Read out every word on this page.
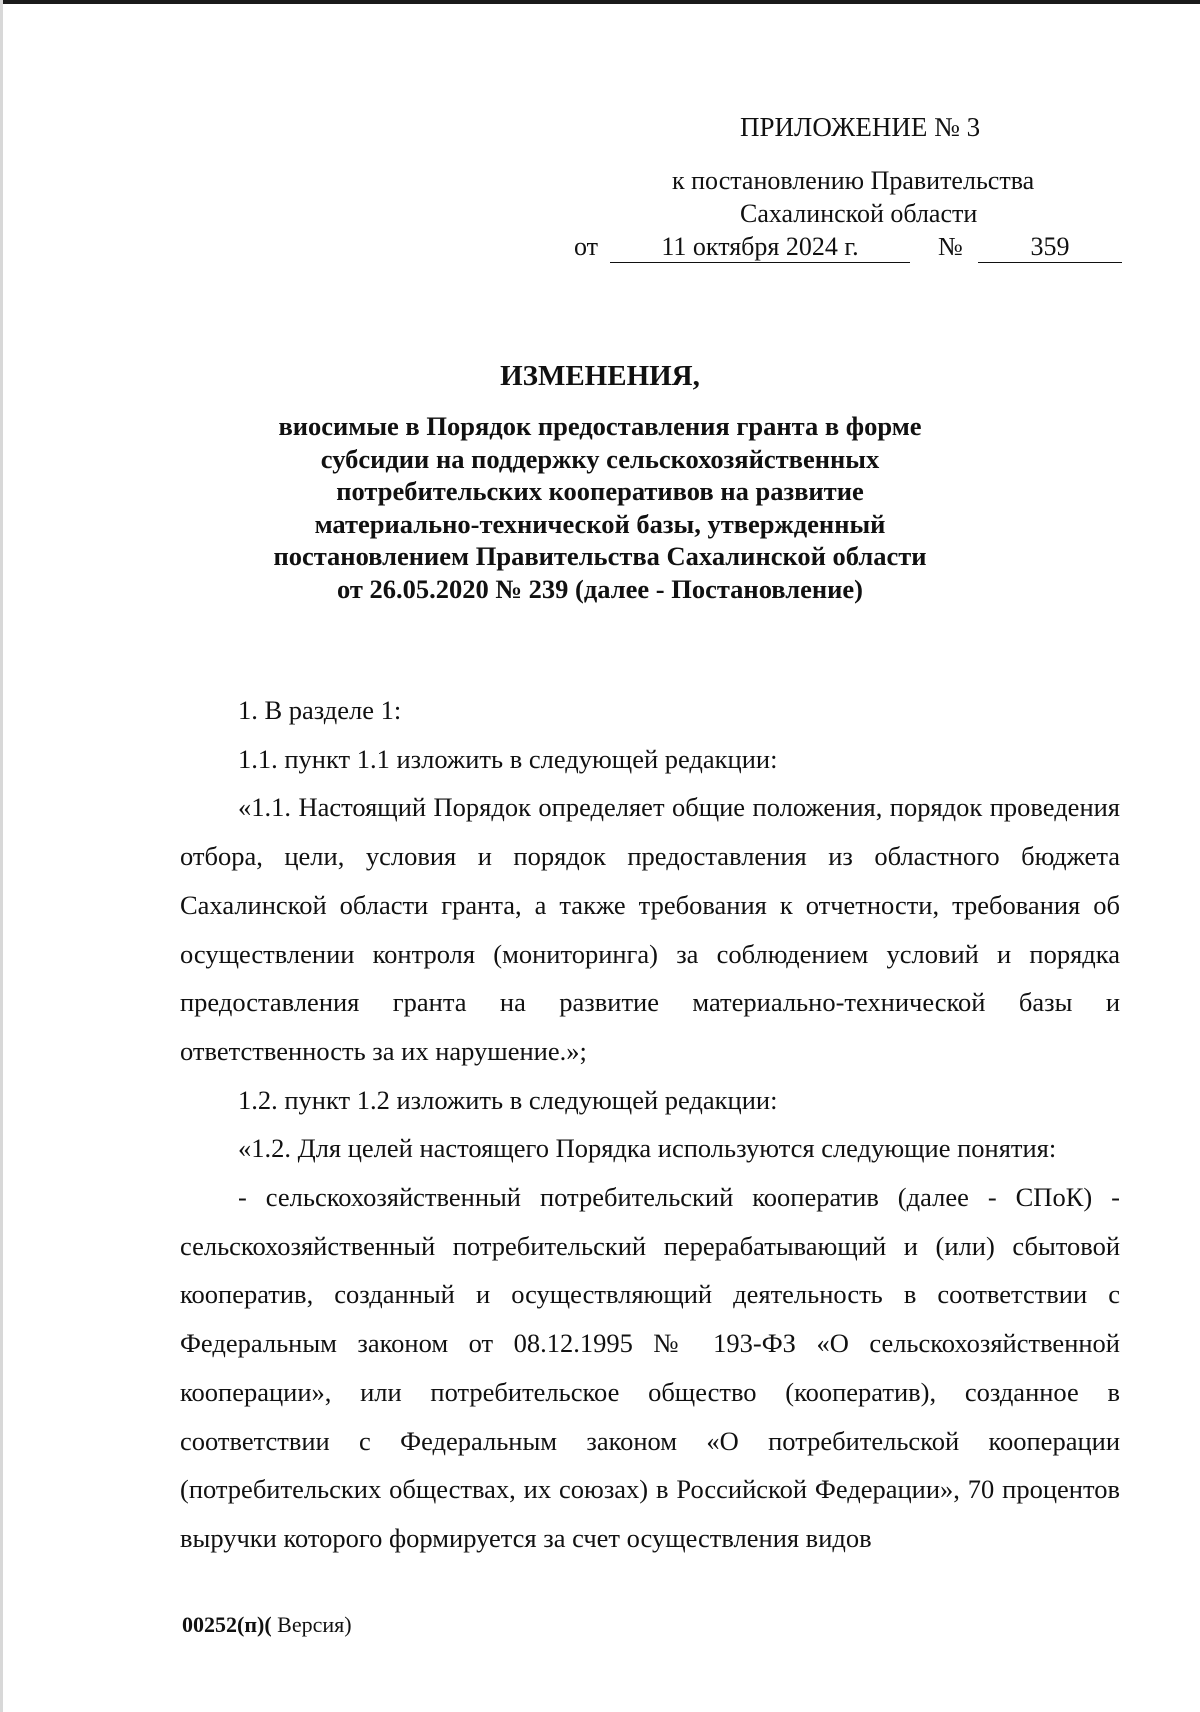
ПРИЛОЖЕНИЕ № 3
к постановлению Правительства
Сахалинской области
от	11 октября 2024 г.	№	359
ИЗМЕНЕНИЯ,
виосимые в Порядок предоставления гранта в форме
субсидии на поддержку сельскохозяйственных
потребительских кооперативов на развитие
материально-технической базы, утвержденный
постановлением Правительства Сахалинской области
от 26.05.2020 № 239 (далее - Постановление)

1. В разделе 1:

1.1. пункт 1.1 изложить в следующей редакции:

«1.1. Настоящий Порядок определяет общие положения, порядок проведения отбора, цели, условия и порядок предоставления из областного бюджета Сахалинской области гранта, а также требования к отчетности, требования об осуществлении контроля (мониторинга) за соблюдением условий и порядка предоставления гранта на развитие материально-технической базы и ответственность за их нарушение.»;

1.2. пункт 1.2 изложить в следующей редакции:

«1.2. Для целей настоящего Порядка используются следующие понятия:

- сельскохозяйственный потребительский кооператив (далее - СПоК) - сельскохозяйственный потребительский перерабатывающий и (или) сбытовой кооператив, созданный и осуществляющий деятельность в соответствии с Федеральным законом от 08.12.1995 № 193-ФЗ «О сельскохозяйственной кооперации», или потребительское общество (кооператив), созданное в соответствии с Федеральным законом «О потребительской кооперации (потребительских обществах, их союзах) в Российской Федерации», 70 процентов выручки которого формируется за счет осуществления видов

00252(п)( Версия)
